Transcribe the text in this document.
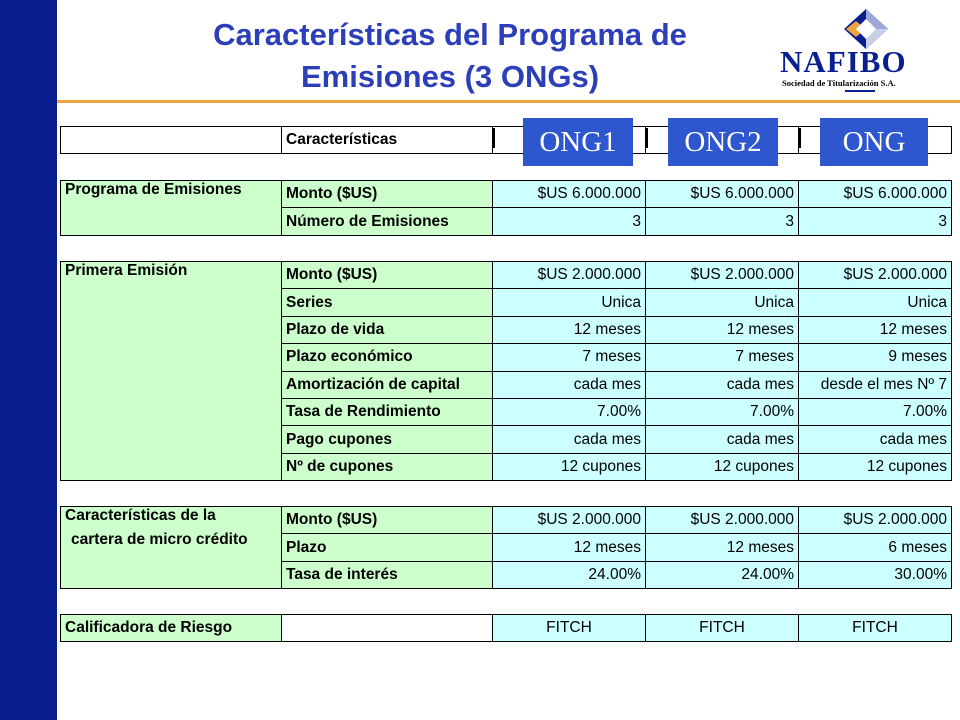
Características del Programa de Emisiones (3 ONGs)	NAFIBO
Sociedad de Titularización S.A.
	Características				ONG1	ONG2	ONG
Programa de Emisiones	Monto ($US)	$US 6.000.000	$US 6.000.000	$US 6.000.000
	Número de Emisiones	3	3	3
Primera Emisión	Monto ($US)	$US 2.000.000	$US 2.000.000	$US 2.000.000
	Series	Unica	Unica	Unica
	Plazo de vida	12 meses	12 meses	12 meses
	Plazo económico	7 meses	7 meses	9 meses
	Amortización de capital	cada mes	cada mes	desde el mes Nº 7
	Tasa de Rendimiento	7.00%	7.00%	7.00%
	Pago cupones	cada mes	cada mes	cada mes
	Nº de cupones	12 cupones	12 cupones	12 cupones
Características de la
cartera de micro crédito	Monto ($US)	$US 2.000.000	$US 2.000.000	$US 2.000.000
	Plazo	12 meses	12 meses	6 meses
	Tasa de interés	24.00%	24.00%	30.00%
Calificadora de Riesgo		FITCH	FITCH	FITCH
